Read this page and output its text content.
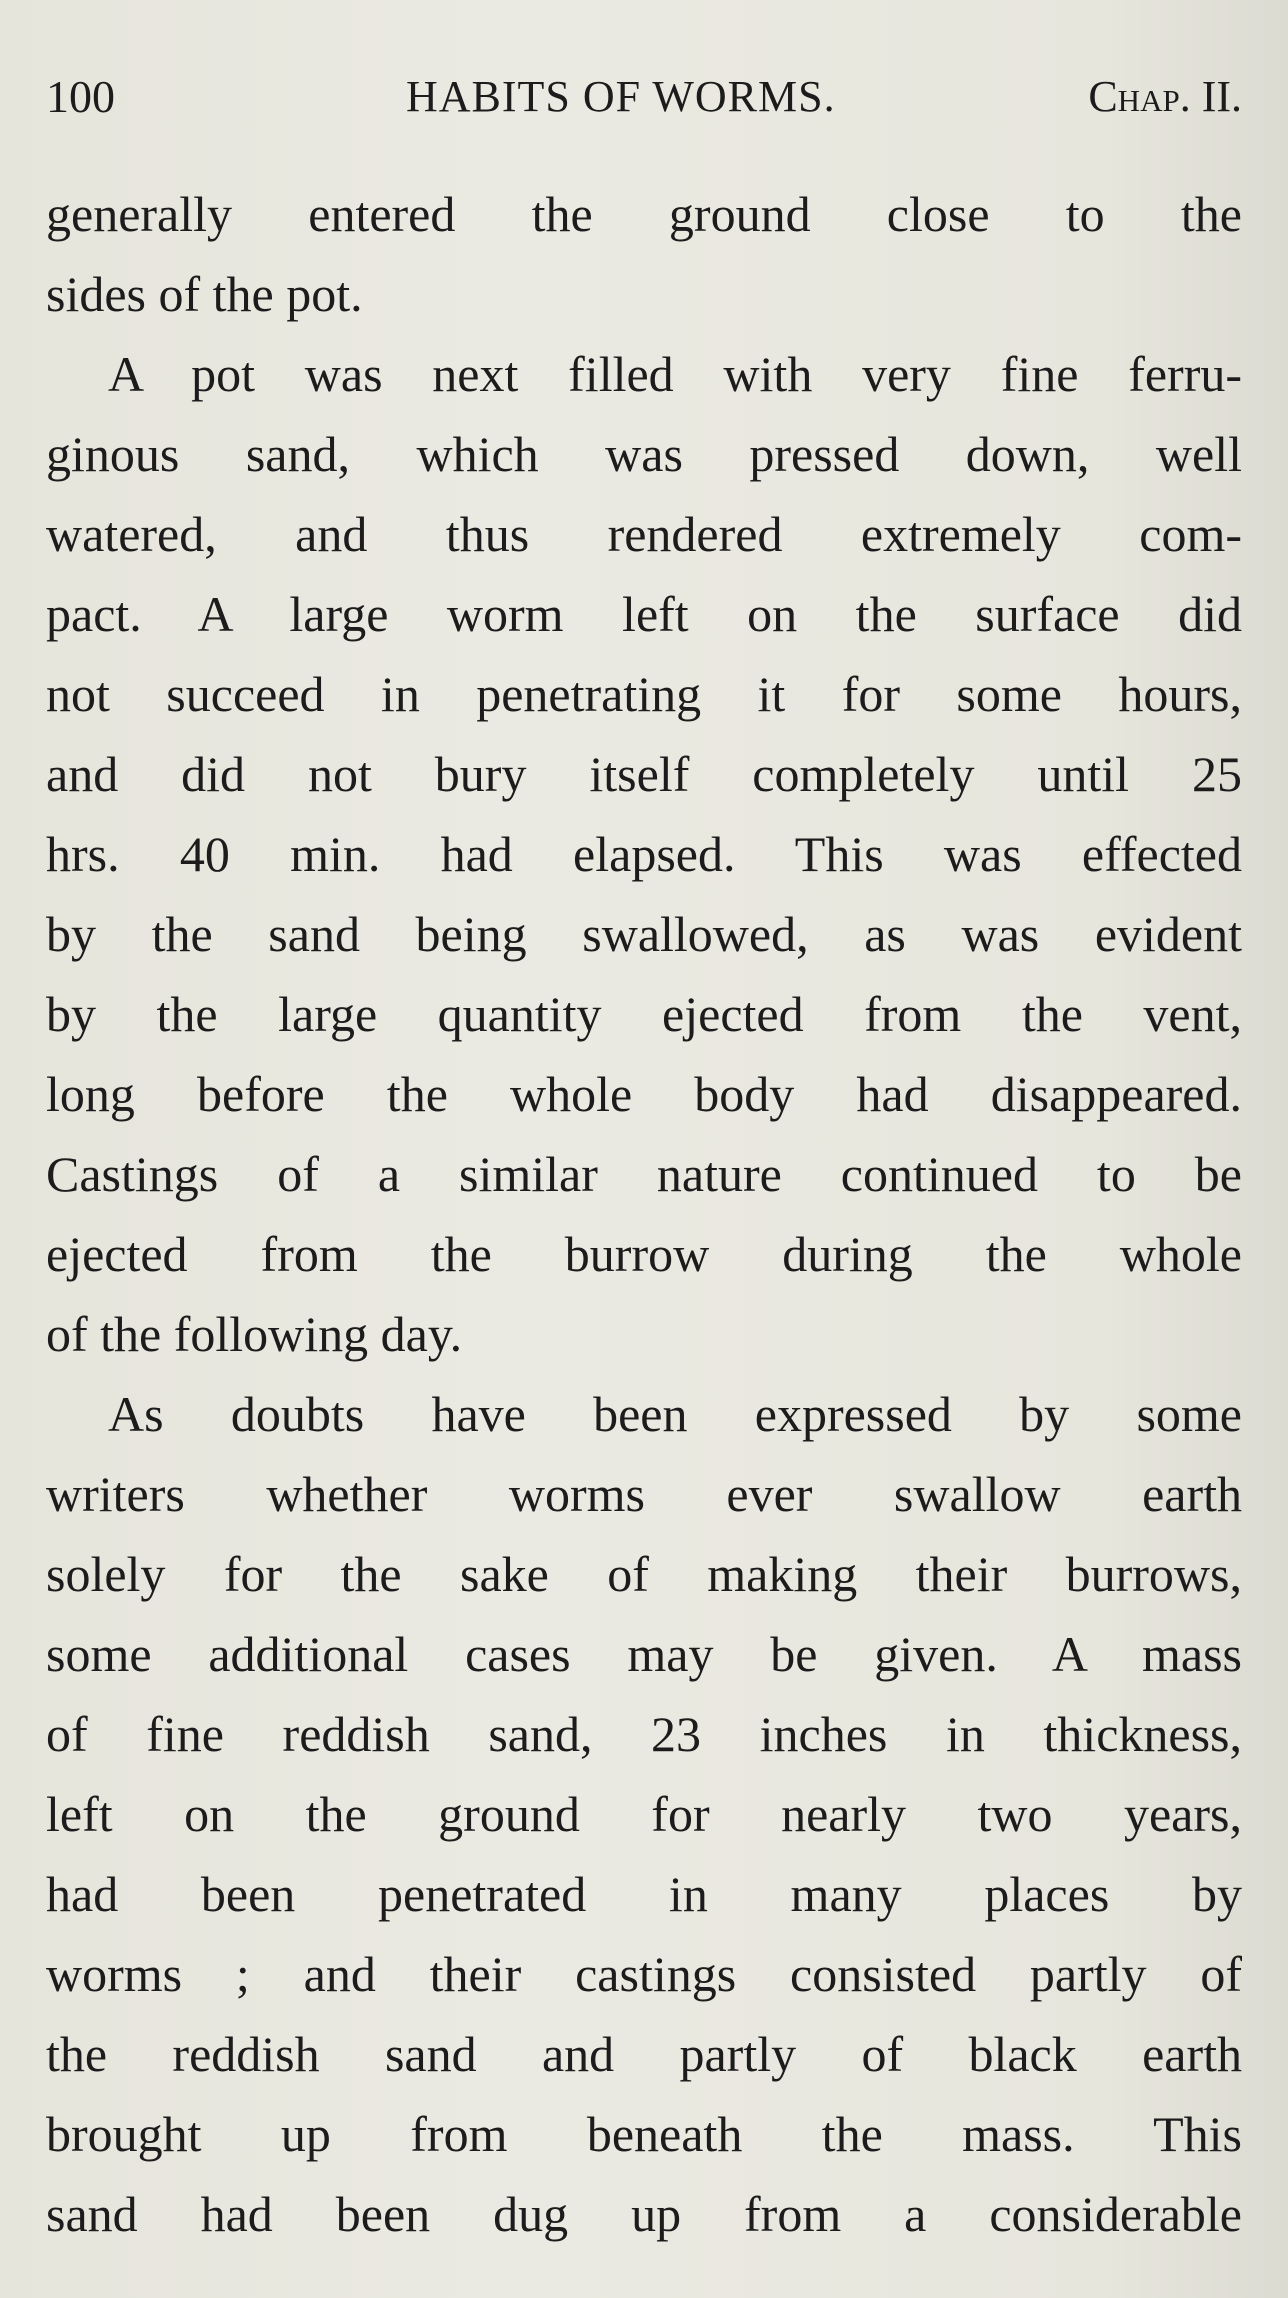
100	HABITS OF WORMS.	Chap. II.
generally entered the ground close to the
sides of the pot.
A pot was next filled with very fine ferru-
ginous sand, which was pressed down, well
watered, and thus rendered extremely com-
pact. A large worm left on the surface did
not succeed in penetrating it for some hours,
and did not bury itself completely until 25
hrs. 40 min. had elapsed. This was effected
by the sand being swallowed, as was evident
by the large quantity ejected from the vent,
long before the whole body had disappeared.
Castings of a similar nature continued to be
ejected from the burrow during the whole
of the following day.
As doubts have been expressed by some
writers whether worms ever swallow earth
solely for the sake of making their burrows,
some additional cases may be given. A mass
of fine reddish sand, 23 inches in thickness,
left on the ground for nearly two years,
had been penetrated in many places by
worms ; and their castings consisted partly of
the reddish sand and partly of black earth
brought up from beneath the mass. This
sand had been dug up from a considerable
